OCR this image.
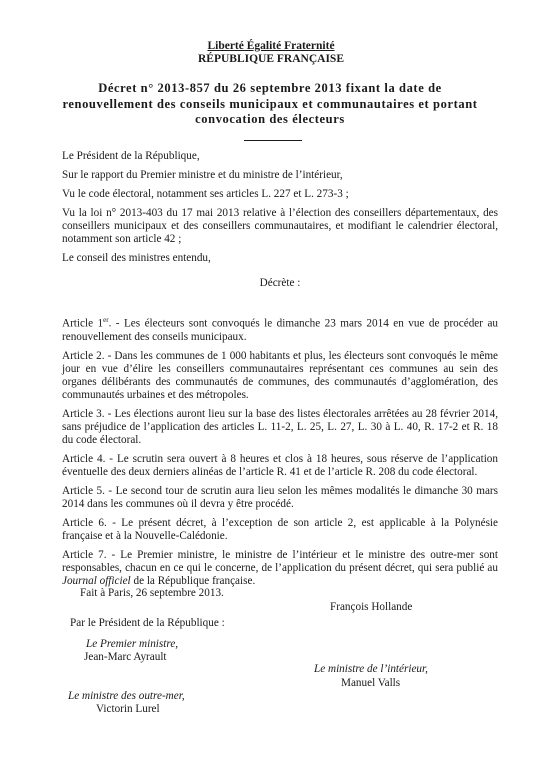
Liberté Égalité Fraternité
RÉPUBLIQUE FRANÇAISE
Décret n° 2013-857 du 26 septembre 2013 fixant la date de renouvellement des conseils municipaux et communautaires et portant convocation des électeurs

Le Président de la République,

Sur le rapport du Premier ministre et du ministre de l’intérieur,

Vu le code électoral, notamment ses articles L. 227 et L. 273-3 ;

Vu la loi n° 2013-403 du 17 mai 2013 relative à l’élection des conseillers départementaux, des conseillers municipaux et des conseillers communautaires, et modifiant le calendrier électoral, notamment son article 42 ;

Le conseil des ministres entendu,

Décrète :

Article 1er. - Les électeurs sont convoqués le dimanche 23 mars 2014 en vue de procéder au renouvellement des conseils municipaux.

Article 2. - Dans les communes de 1 000 habitants et plus, les électeurs sont convoqués le même jour en vue d’élire les conseillers communautaires représentant ces communes au sein des organes délibérants des communautés de communes, des communautés d’agglomération, des communautés urbaines et des métropoles.

Article 3. - Les élections auront lieu sur la base des listes électorales arrêtées au 28 février 2014, sans préjudice de l’application des articles L. 11-2, L. 25, L. 27, L. 30 à L. 40, R. 17-2 et R. 18 du code électoral.

Article 4. - Le scrutin sera ouvert à 8 heures et clos à 18 heures, sous réserve de l’application éventuelle des deux derniers alinéas de l’article R. 41 et de l’article R. 208 du code électoral.

Article 5. - Le second tour de scrutin aura lieu selon les mêmes modalités le dimanche 30 mars 2014 dans les communes où il devra y être procédé.

Article 6. - Le présent décret, à l’exception de son article 2, est applicable à la Polynésie française et à la Nouvelle-Calédonie.

Article 7. - Le Premier ministre, le ministre de l’intérieur et le ministre des outre-mer sont responsables, chacun en ce qui le concerne, de l’application du présent décret, qui sera publié au Journal officiel de la République française.

Fait à Paris, 26 septembre 2013.
François Hollande
Par le Président de la République :
Le Premier ministre,
Jean-Marc Ayrault
Le ministre de l’intérieur,
Manuel Valls
Le ministre des outre-mer,
Victorin Lurel
